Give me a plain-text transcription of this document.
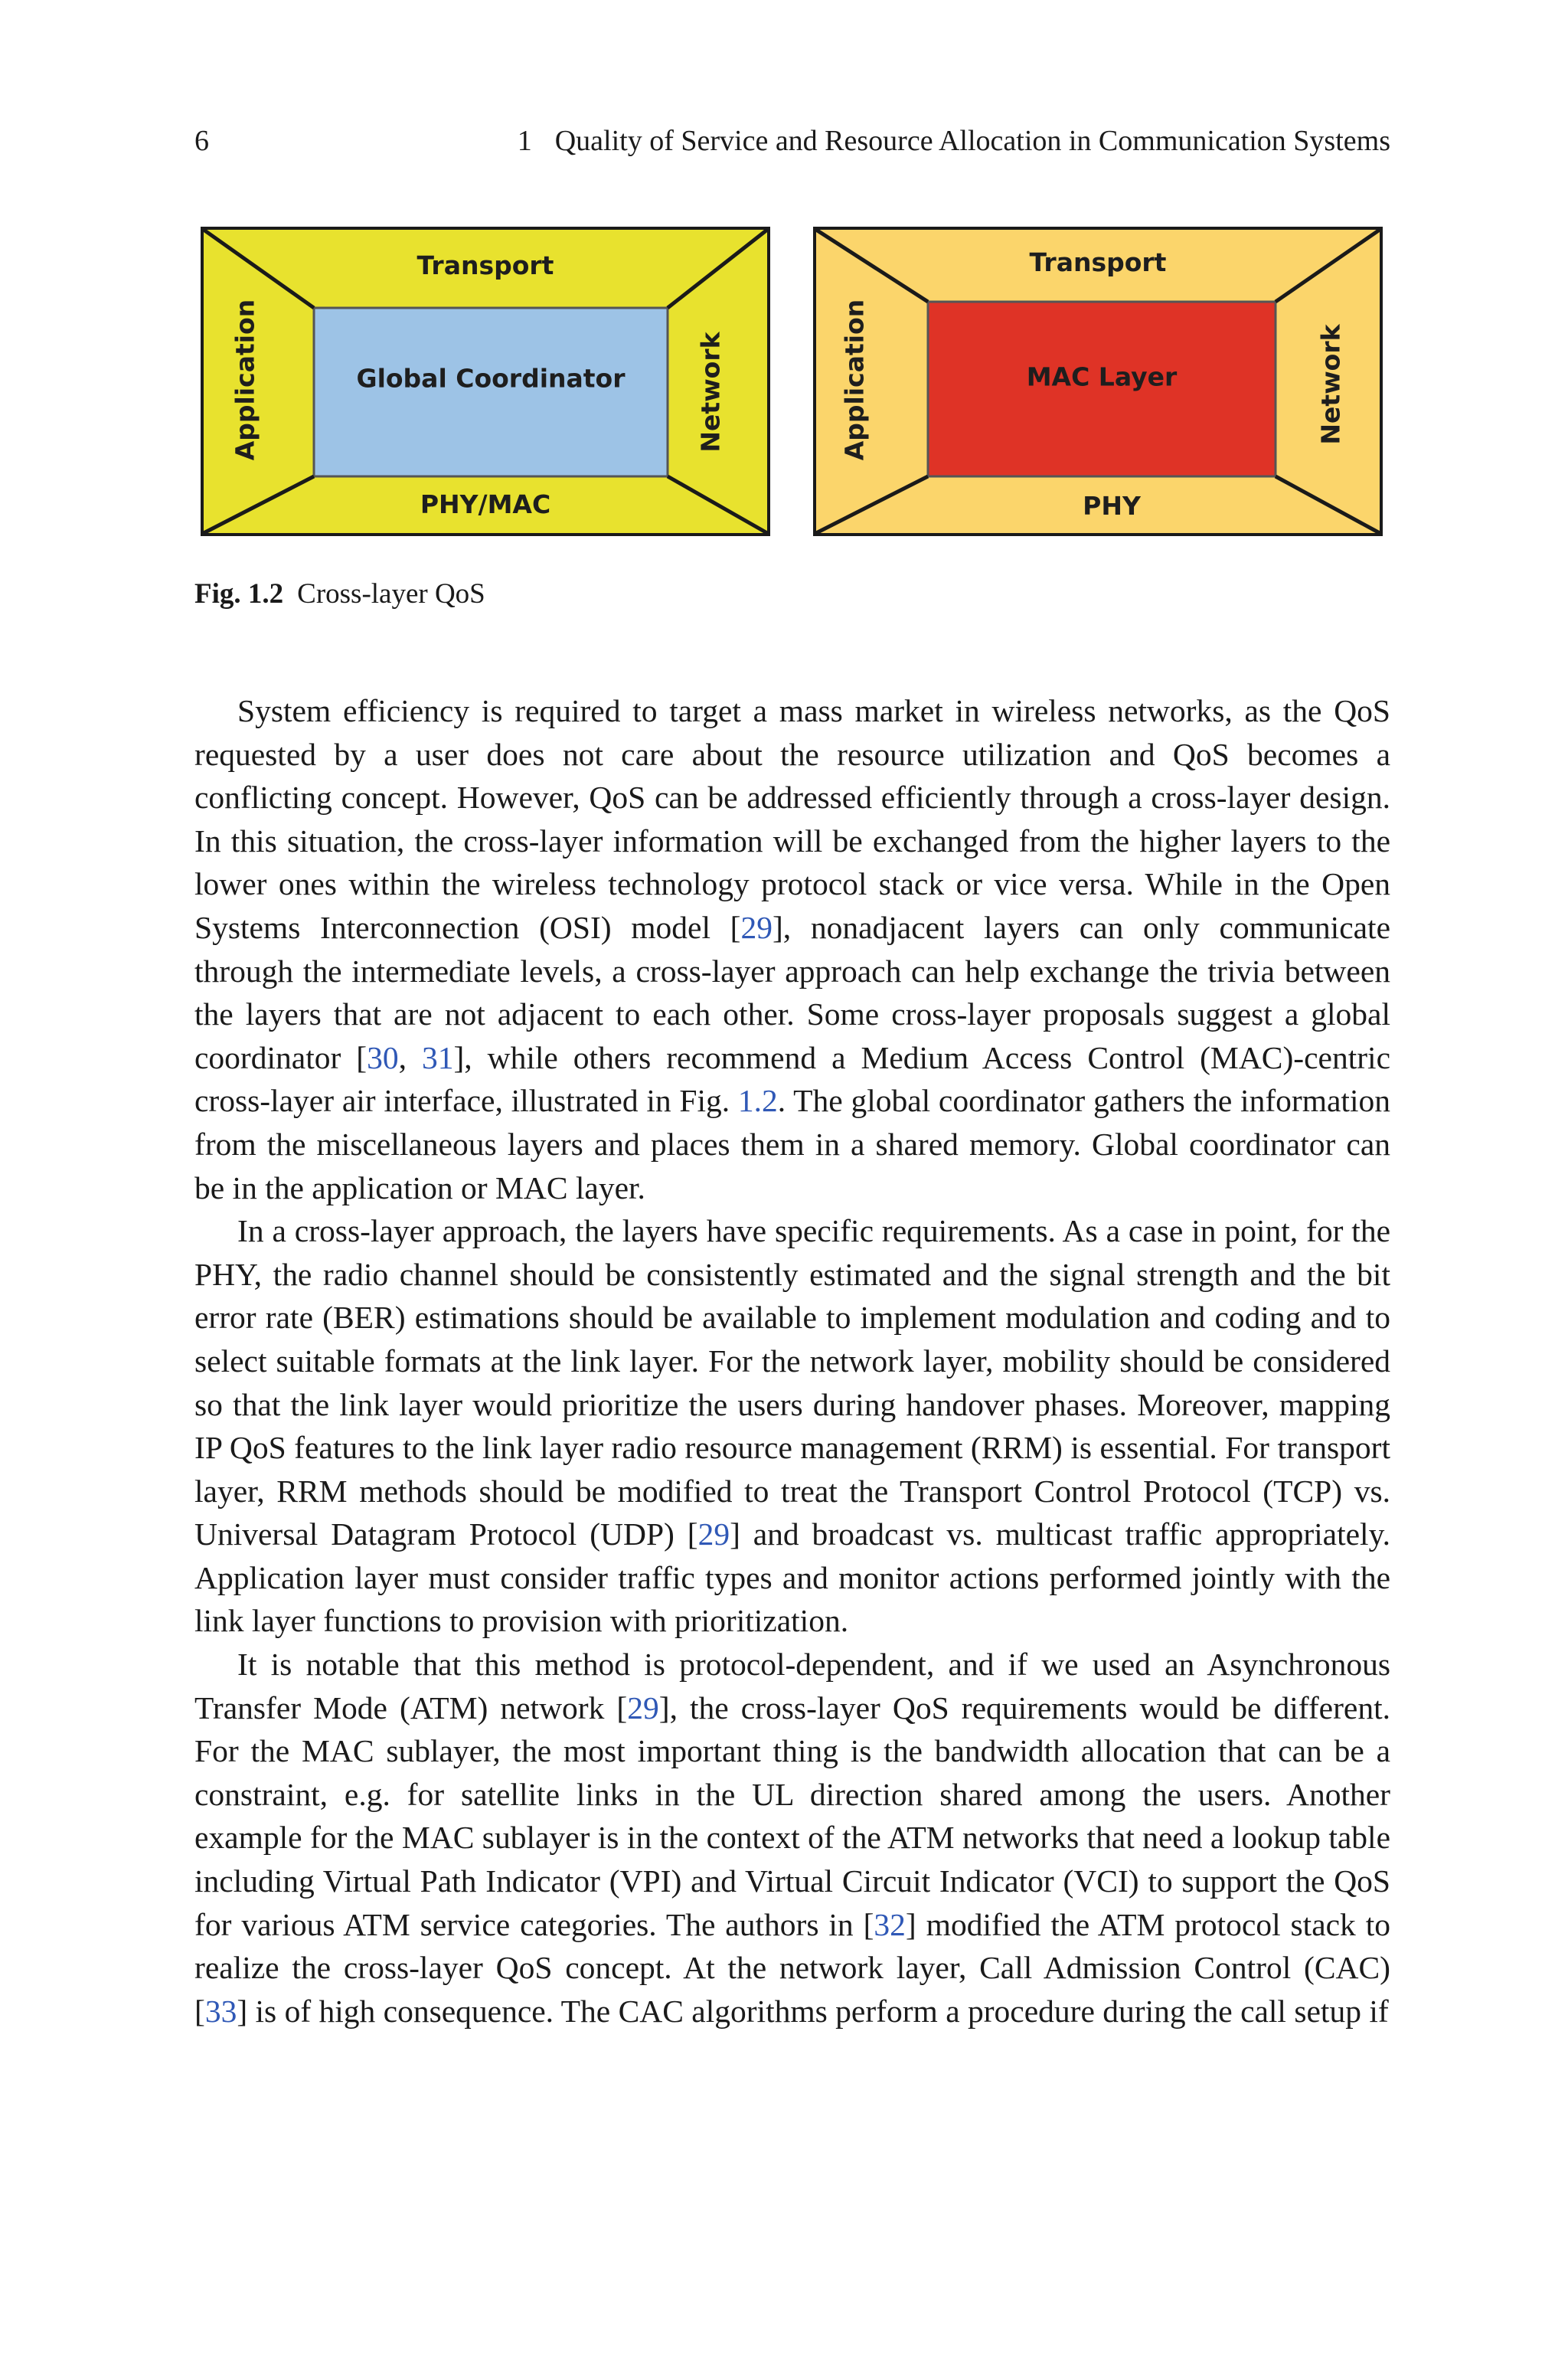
6	1 Quality of Service and Resource Allocation in Communication Systems
Transport
PHY/MAC
Global Coordinator
Application	Network
Transport
PHY
MAC Layer
Application	Network
Fig. 1.2 Cross-layer QoS

System efficiency is required to target a mass market in wireless networks, as the QoS requested by a user does not care about the resource utilization and QoS becomes a conflicting concept. However, QoS can be addressed efficiently through a cross-layer design. In this situation, the cross-layer information will be exchanged from the higher layers to the lower ones within the wireless technology protocol stack or vice versa. While in the Open Systems Interconnection (OSI) model [29], nonadjacent layers can only communicate through the intermediate levels, a cross-layer approach can help exchange the trivia between the layers that are not adjacent to each other. Some cross-layer proposals suggest a global coordinator [30, 31], while others recommend a Medium Access Control (MAC)-centric cross-layer air interface, illustrated in Fig. 1.2. The global coordinator gathers the information from the miscellaneous layers and places them in a shared memory. Global coordinator can be in the application or MAC layer.

In a cross-layer approach, the layers have specific requirements. As a case in point, for the PHY, the radio channel should be consistently estimated and the signal strength and the bit error rate (BER) estimations should be available to implement modulation and coding and to select suitable formats at the link layer. For the network layer, mobility should be considered so that the link layer would prioritize the users during handover phases. Moreover, mapping IP QoS features to the link layer radio resource management (RRM) is essential. For transport layer, RRM methods should be modified to treat the Transport Control Protocol (TCP) vs. Universal Datagram Protocol (UDP) [29] and broadcast vs. multicast traffic appropriately. Application layer must consider traffic types and monitor actions performed jointly with the link layer functions to provision with prioritization.

It is notable that this method is protocol-dependent, and if we used an Asynchronous Transfer Mode (ATM) network [29], the cross-layer QoS requirements would be different. For the MAC sublayer, the most important thing is the bandwidth allocation that can be a constraint, e.g. for satellite links in the UL direction shared among the users. Another example for the MAC sublayer is in the context of the ATM networks that need a lookup table including Virtual Path Indicator (VPI) and Virtual Circuit Indicator (VCI) to support the QoS for various ATM service categories. The authors in [32] modified the ATM protocol stack to realize the cross-layer QoS concept. At the network layer, Call Admission Control (CAC) [33] is of high consequence. The CAC algorithms perform a procedure during the call setup if
